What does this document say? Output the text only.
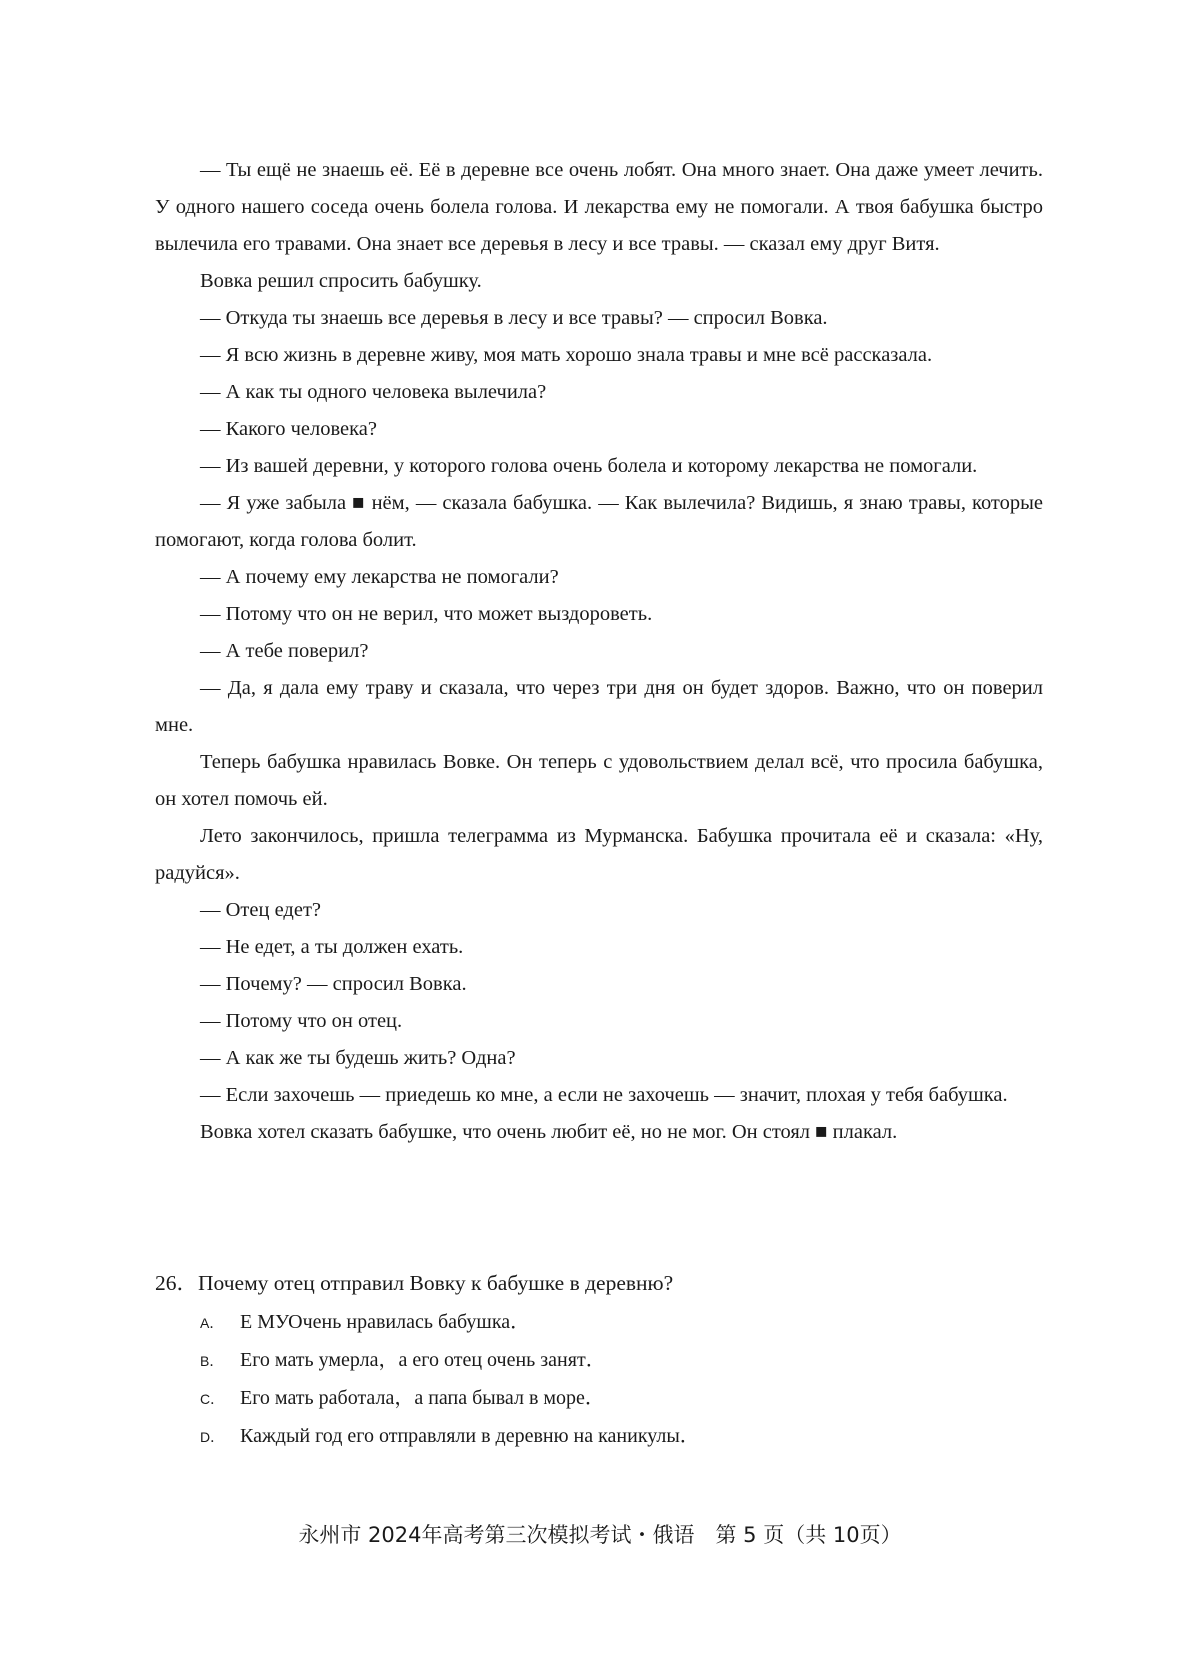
— Ты ещё не знаешь её. Её в деревне все очень лобят. Она много знает. Она даже умеет лечить. У одного нашего соседа очень болела голова. И лекарства ему не помогали. А твоя бабушка быстро вылечила его травами. Она знает все деревья в лесу и все травы. — сказал ему друг Витя.

Вовка решил спросить бабушку.

— Откуда ты знаешь все деревья в лесу и все травы? — спросил Вовка.

— Я всю жизнь в деревне живу, моя мать хорошо знала травы и мне всё рассказала.

— А как ты одного человека вылечила?

— Какого человека?

— Из вашей деревни, у которого голова очень болела и которому лекарства не помогали.

— Я уже забыла ■ нём, — сказала бабушка. — Как вылечила? Видишь, я знаю травы, которые помогают, когда голова болит.

— А почему ему лекарства не помогали?

— Потому что он не верил, что может выздороветь.

— А тебе поверил?

— Да, я дала ему траву и сказала, что через три дня он будет здоров. Важно, что он поверил мне.

Теперь бабушка нравилась Вовке. Он теперь с удовольствием делал всё, что просила бабушка, он хотел помочь ей.

Лето закончилось, пришла телеграмма из Мурманска. Бабушка прочитала её и сказала: «Ну, радуйся».

— Отец едет?

— Не едет, а ты должен ехать.

— Почему? — спросил Вовка.

— Потому что он отец.

— А как же ты будешь жить? Одна?

— Если захочешь — приедешь ко мне, а если не захочешь — значит, плохая у тебя бабушка.

Вовка хотел сказать бабушке, что очень любит её, но не мог. Он стоял ■ плакал.

26．Почему отец отправил Вовку к бабушке в деревню?

A． Е МУОчень нравилась бабушка．
B． Его мать умерла，а его отец очень занят．
C． Его мать работала，а папа бывал в море．
D． Каждый год его отправляли в деревню на каникулы．
永州市 2024年高考第三次模拟考试・俄语　第 5 页（共 10页）
